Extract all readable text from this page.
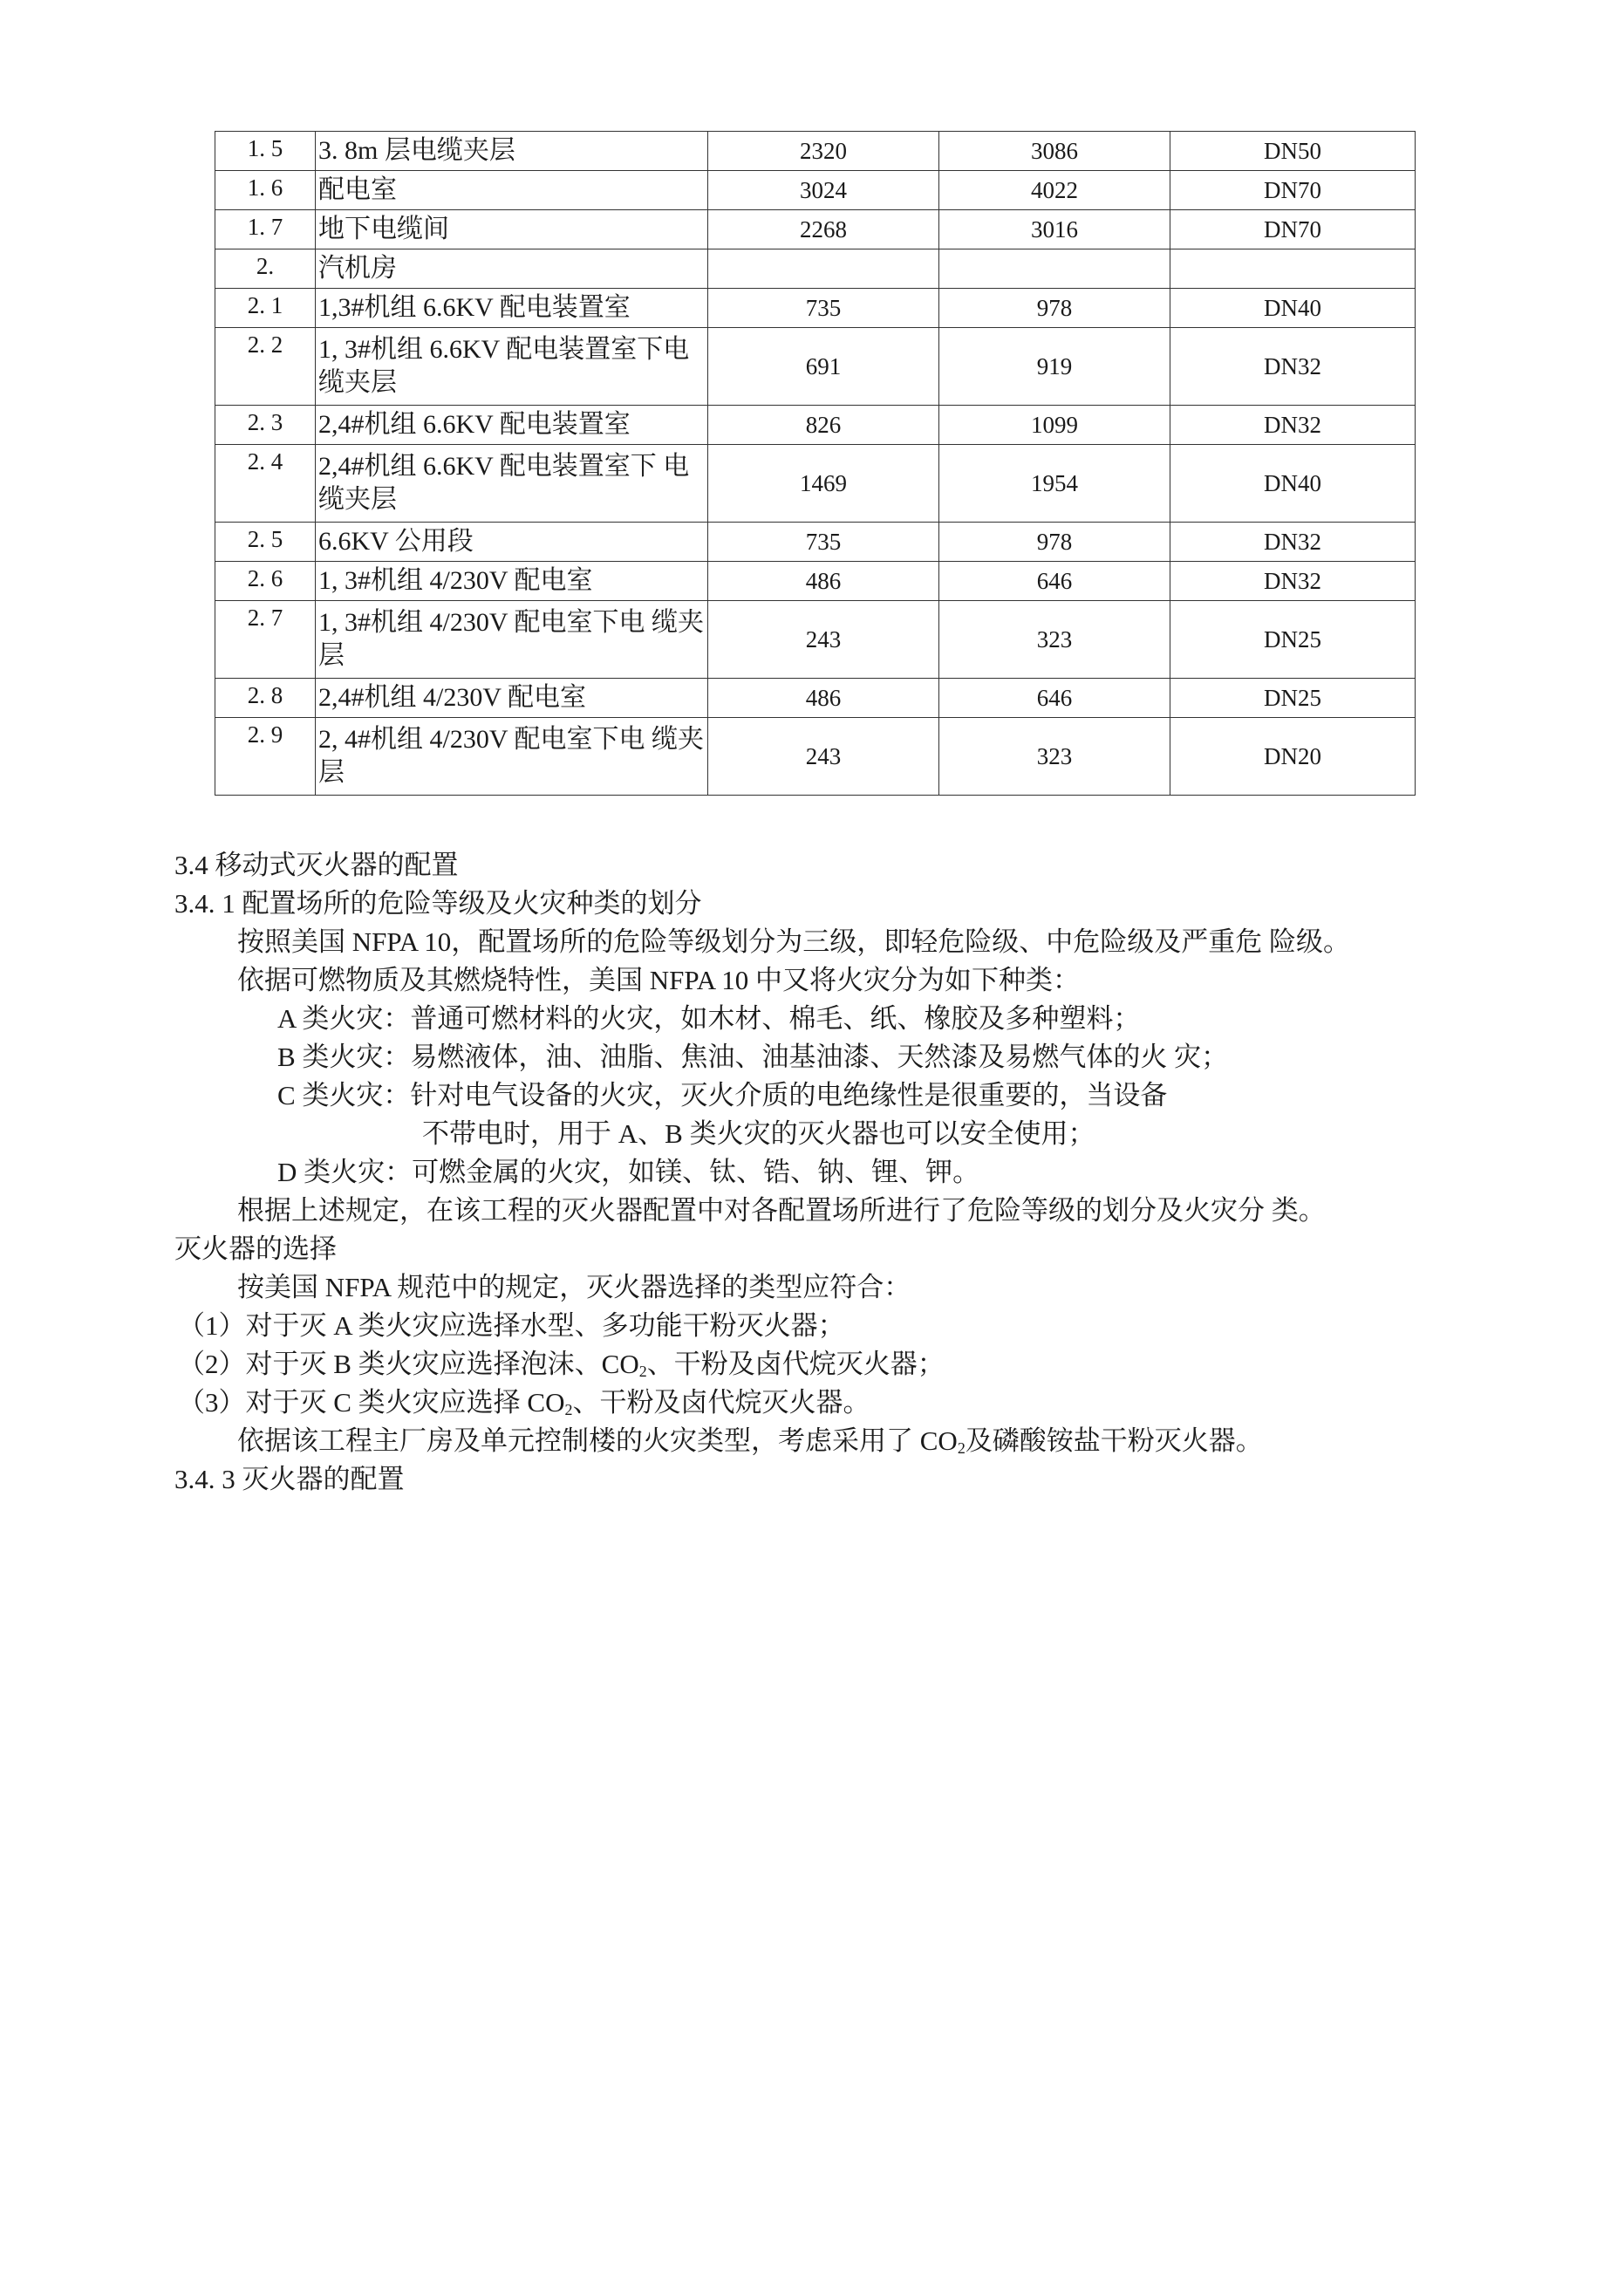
1. 5	3. 8m 层电缆夹层	2320	3086	DN50
1. 6	配电室	3024	4022	DN70
1. 7	地下电缆间	2268	3016	DN70
2.	汽机房			
2. 1	1,3#机组 6.6KV 配电装置室	735	978	DN40
2. 2	1, 3#机组 6.6KV 配电装置室下电缆夹层	691	919	DN32
2. 3	2,4#机组 6.6KV 配电装置室	826	1099	DN32
2. 4	2,4#机组 6.6KV 配电装置室下 电缆夹层	1469	1954	DN40
2. 5	6.6KV 公用段	735	978	DN32
2. 6	1, 3#机组 4/230V 配电室	486	646	DN32
2. 7	1, 3#机组 4/230V 配电室下电 缆夹层	243	323	DN25
2. 8	2,4#机组 4/230V 配电室	486	646	DN25
2. 9	2, 4#机组 4/230V 配电室下电 缆夹层	243	323	DN20
3.4 移动式灭火器的配置
3.4. 1 配置场所的危险等级及火灾种类的划分
按照美国 NFPA 10，配置场所的危险等级划分为三级，即轻危险级、中危险级及严重危 险级。
依据可燃物质及其燃烧特性，美国 NFPA 10 中又将火灾分为如下种类：
A 类火灾：普通可燃材料的火灾，如木材、棉毛、纸、橡胶及多种塑料；
B 类火灾：易燃液体，油、油脂、焦油、油基油漆、天然漆及易燃气体的火 灾；
C 类火灾：针对电气设备的火灾，灭火介质的电绝缘性是很重要的，当设备
不带电时，用于 A、B 类火灾的灭火器也可以安全使用；
D 类火灾：可燃金属的火灾，如镁、钛、锆、钠、锂、钾。
根据上述规定，在该工程的灭火器配置中对各配置场所进行了危险等级的划分及火灾分 类。
灭火器的选择
按美国 NFPA 规范中的规定，灭火器选择的类型应符合：
（1）对于灭 A 类火灾应选择水型、多功能干粉灭火器；
（2）对于灭 B 类火灾应选择泡沫、$CO_2$、干粉及卤代烷灭火器；
（3）对于灭 C 类火灾应选择 $CO_2$、干粉及卤代烷灭火器。
依据该工程主厂房及单元控制楼的火灾类型，考虑采用了 $CO_2$及磷酸铵盐干粉灭火器。
3.4. 3 灭火器的配置
